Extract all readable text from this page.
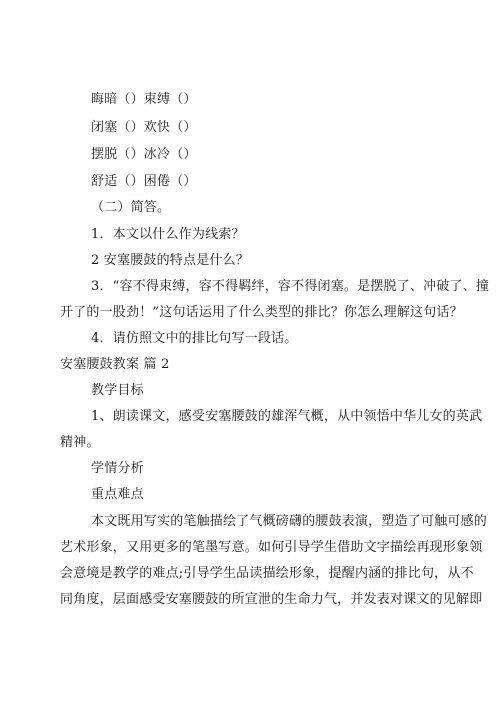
晦暗（）束缚（）
闭塞（）欢快（）
摆脱（）冰冷（）
舒适（）困倦（）
（二）简答。
1．本文以什么作为线索？
2 安塞腰鼓的特点是什么？
3．“容不得束缚，容不得羁绊，容不得闭塞。是摆脱了、冲破了、撞
开了的一股劲！”这句话运用了什么类型的排比？你怎么理解这句话？
4．请仿照文中的排比句写一段话。
安塞腰鼓教案 篇 2
教学目标
1、朗读课文，感受安塞腰鼓的雄浑气概，从中领悟中华儿女的英武
精神。
学情分析
重点难点
本文既用写实的笔触描绘了气概磅礴的腰鼓表演，塑造了可触可感的
艺术形象，又用更多的笔墨写意。如何引导学生借助文字描绘再现形象领
会意境是教学的难点;引导学生品读描绘形象，提醒内涵的排比句，从不
同角度，层面感受安塞腰鼓的所宣泄的生命力气，并发表对课文的见解即
